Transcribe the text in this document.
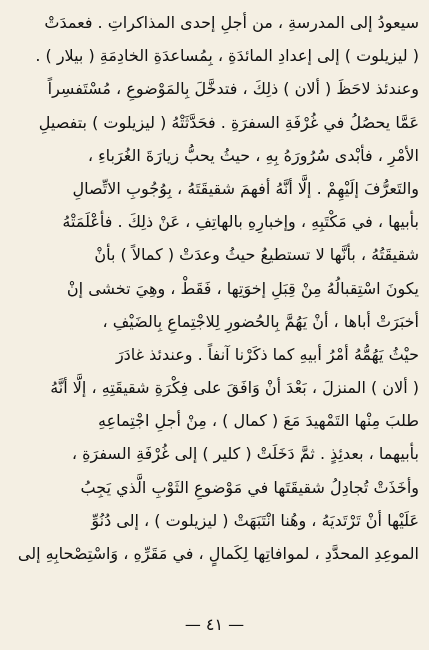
سيعودُ إلى المدرسةِ ، من أجلِ إحدى المذاكراتِ . فعمدَتْ
( ليزيلوت ) إلى إعدادِ المائدَةِ ، بِمُساعدَةِ الخادِمَةِ ( بيلار ) .
وعندئذ لاحَظَ ( ألان ) ذلِكَ ، فتدخَّلَ بِالمَوْضوعِ ، مُسْتَفسِراً
عَمَّا يحصُلُ في غُرْفَةِ السفرَةِ . فحَدَّثَتْهُ ( ليزيلوت ) بتفصيلِ
الأمْرِ ، فأبْدى سُرُورَهُ بِهِ ، حيثُ يحبُّ زيارَةَ الغُرَباءِ ،
والتَعرُّفَ إلَيْهِمْ . إلَّا أنَّهُ أفهمَ شقيقَتَهُ ، بِوُجُوبِ الاتِّصالِ
بأبيها ، في مَكْتَبِهِ ، وإخبارِهِ بالهاتِفِ ، عَنْ ذلِكَ . فأعْلَمَتْهُ
شقيقَتُهُ ، بأنَّها لا تستطيعُ حيثُ وعدَتْ ( كمالاً ) بأنْ
يكونَ اسْتِقبالُهُ مِنْ قِبَلِ إخوَتِها ، فَقَطْ ، وهِيَ تخشى إنْ
أخبَرَتْ أباها ، أنْ يَهُمَّ بِالحُضورِ لِلاجْتِماعِ بِالضَيْفِ ،
حيْثُ يَهُمُّهُ أمْرُ أبيهِ كما ذكَرْنا آنفاً . وعندئذ غادَرَ
( ألان ) المنزلَ ، بَعْدَ أنْ وَافَقَ على فِكْرَةِ شقيقَتِهِ ، إلَّا أنَّهُ
طلبَ مِنْها التَمْهيدَ مَعَ ( كمال ) ، مِنْ أجلِ اجْتِماعِهِ
بأبيهما ، بعدئِذٍ . ثمَّ دَخَلَتْ ( كلير ) إلى غُرْفَةِ السفرَةِ ،
وأخَذَتْ تُجادِلُ شقيقَتَها في مَوْضوعِ الثَوْبِ الَّذي يَجِبُ
عَلَيْها أنْ تَرْتَديَهُ ، وهُنا انْتَبَهَتْ ( ليزيلوت ) ، إلى دُنُوِّ
الموعِدِ المحدَّدِ ، لموافاتِها لِكَمالٍ ، في مَقَرِّهِ ، وَاسْتِصْحابِهِ إلى
— ٤١ —
